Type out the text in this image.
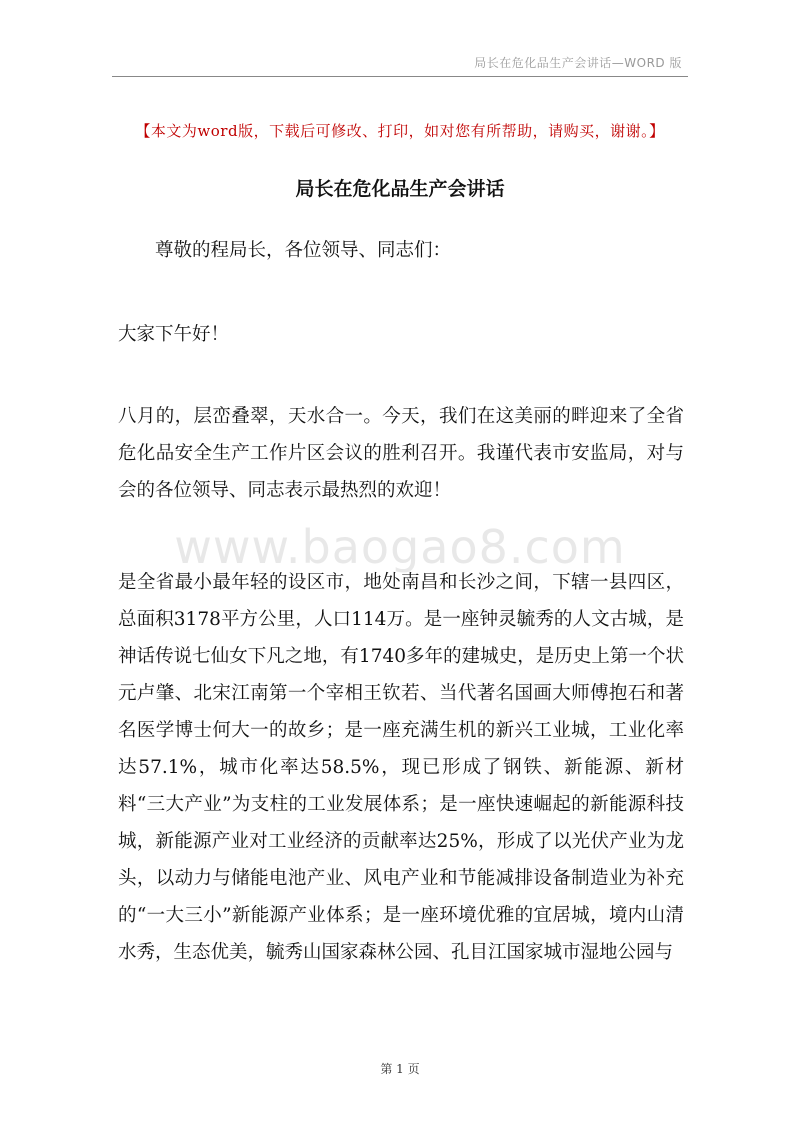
局长在危化品生产会讲话—WORD 版
【本文为word版，下载后可修改、打印，如对您有所帮助，请购买，谢谢。】
局长在危化品生产会讲话
尊敬的程局长，各位领导、同志们：
大家下午好！
八月的，层峦叠翠，天水合一。今天，我们在这美丽的畔迎来了全省危化品安全生产工作片区会议的胜利召开。我谨代表市安监局，对与会的各位领导、同志表示最热烈的欢迎！
www.baogao8.com
是全省最小最年轻的设区市，地处南昌和长沙之间，下辖一县四区，总面积3178平方公里，人口114万。是一座钟灵毓秀的人文古城，是神话传说七仙女下凡之地，有1740多年的建城史，是历史上第一个状元卢肇、北宋江南第一个宰相王钦若、当代著名国画大师傅抱石和著名医学博士何大一的故乡；是一座充满生机的新兴工业城，工业化率达57.1%，城市化率达58.5%，现已形成了钢铁、新能源、新材料“三大产业”为支柱的工业发展体系；是一座快速崛起的新能源科技城，新能源产业对工业经济的贡献率达25%，形成了以光伏产业为龙头，以动力与储能电池产业、风电产业和节能减排设备制造业为补充的“一大三小”新能源产业体系；是一座环境优雅的宜居城，境内山清水秀，生态优美，毓秀山国家森林公园、孔目江国家城市湿地公园与
第 1 页
